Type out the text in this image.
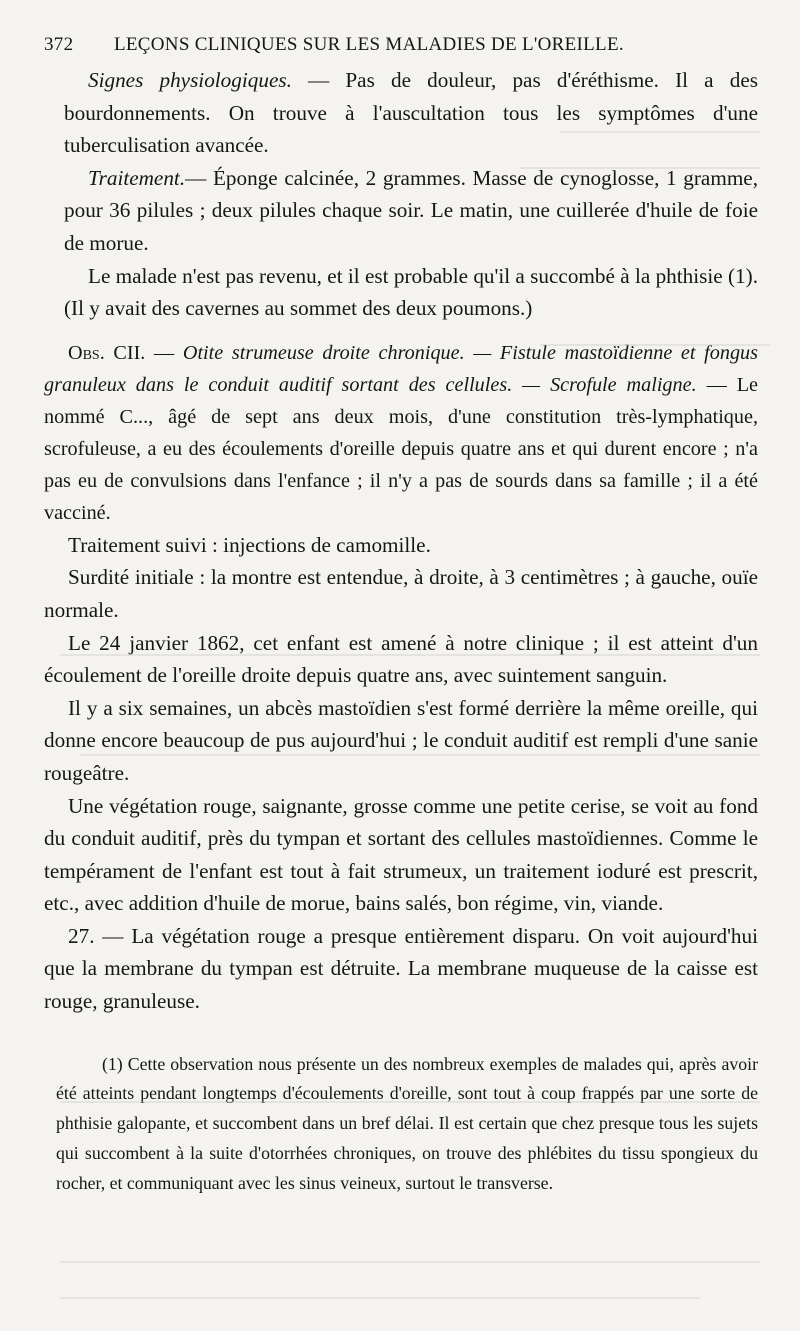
372	LEÇONS CLINIQUES SUR LES MALADIES DE L'OREILLE.

Signes physiologiques. — Pas de douleur, pas d'éréthisme. Il a des bourdonnements. On trouve à l'auscultation tous les symptômes d'une tuberculisation avancée.

Traitement.— Éponge calcinée, 2 grammes. Masse de cynoglosse, 1 gramme, pour 36 pilules ; deux pilules chaque soir. Le matin, une cuillerée d'huile de foie de morue.

Le malade n'est pas revenu, et il est probable qu'il a succombé à la phthisie (1). (Il y avait des cavernes au sommet des deux poumons.)

Obs. CII. — Otite strumeuse droite chronique. — Fistule mastoïdienne et fongus granuleux dans le conduit auditif sortant des cellules. — Scrofule maligne. — Le nommé C..., âgé de sept ans deux mois, d'une constitution très-lymphatique, scrofuleuse, a eu des écoulements d'oreille depuis quatre ans et qui durent encore ; n'a pas eu de convulsions dans l'enfance ; il n'y a pas de sourds dans sa famille ; il a été vacciné.

Traitement suivi : injections de camomille.

Surdité initiale : la montre est entendue, à droite, à 3 centimètres ; à gauche, ouïe normale.

Le 24 janvier 1862, cet enfant est amené à notre clinique ; il est atteint d'un écoulement de l'oreille droite depuis quatre ans, avec suintement sanguin.

Il y a six semaines, un abcès mastoïdien s'est formé derrière la même oreille, qui donne encore beaucoup de pus aujourd'hui ; le conduit auditif est rempli d'une sanie rougeâtre.

Une végétation rouge, saignante, grosse comme une petite cerise, se voit au fond du conduit auditif, près du tympan et sortant des cellules mastoïdiennes. Comme le tempérament de l'enfant est tout à fait strumeux, un traitement ioduré est prescrit, etc., avec addition d'huile de morue, bains salés, bon régime, vin, viande.

27. — La végétation rouge a presque entièrement disparu. On voit aujourd'hui que la membrane du tympan est détruite. La membrane muqueuse de la caisse est rouge, granuleuse.

(1) Cette observation nous présente un des nombreux exemples de malades qui, après avoir été atteints pendant longtemps d'écoulements d'oreille, sont tout à coup frappés par une sorte de phthisie galopante, et succombent dans un bref délai. Il est certain que chez presque tous les sujets qui succombent à la suite d'otorrhées chroniques, on trouve des phlébites du tissu spongieux du rocher, et communiquant avec les sinus veineux, surtout le transverse.
